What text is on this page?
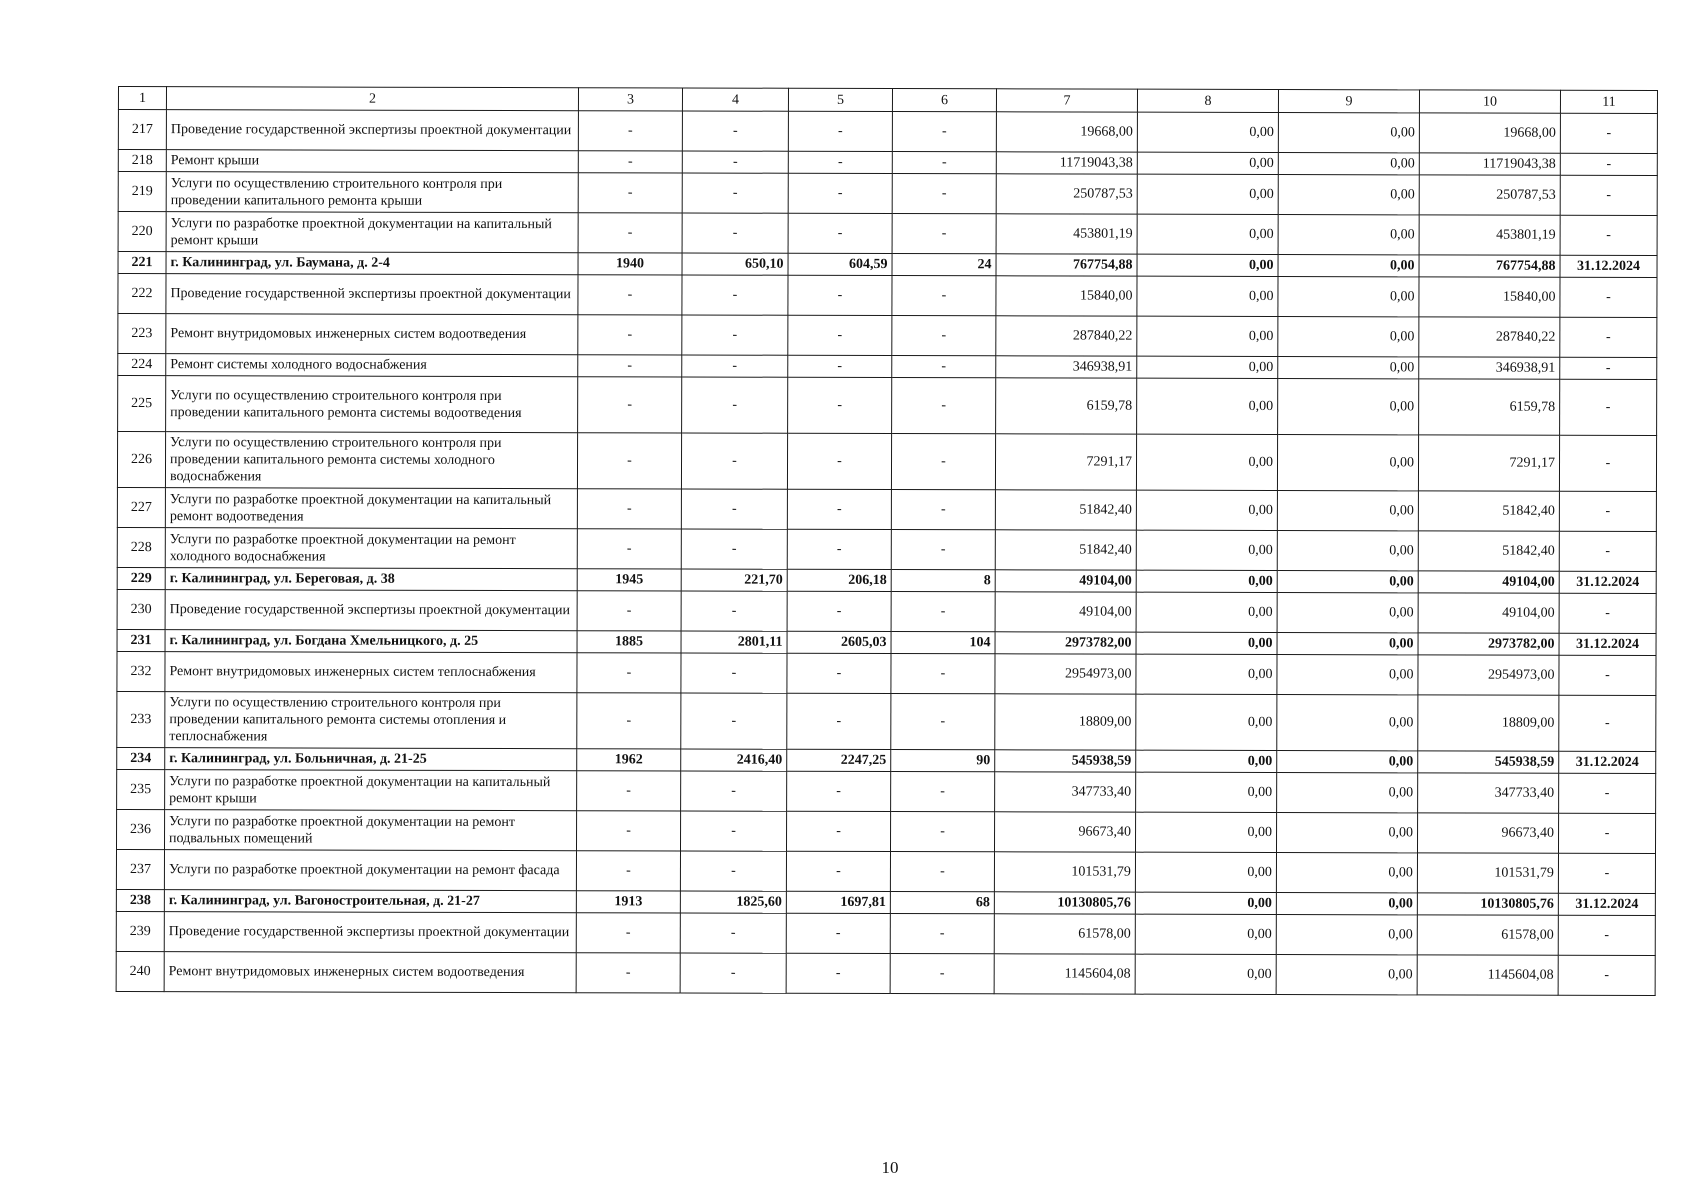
1	2	3	4	5	6	7	8	9	10	11
217	Проведение государственной экспертизы проектной документации	-	-	-	-	19668,00	0,00	0,00	19668,00	-
218	Ремонт крыши	-	-	-	-	11719043,38	0,00	0,00	11719043,38	-
219	Услуги по осуществлению строительного контроля при проведении капитального ремонта крыши	-	-	-	-	250787,53	0,00	0,00	250787,53	-
220	Услуги по разработке проектной документации на капитальный ремонт крыши	-	-	-	-	453801,19	0,00	0,00	453801,19	-
221	г. Калининград, ул. Баумана, д. 2-4	1940	650,10	604,59	24	767754,88	0,00	0,00	767754,88	31.12.2024
222	Проведение государственной экспертизы проектной документации	-	-	-	-	15840,00	0,00	0,00	15840,00	-
223	Ремонт внутридомовых инженерных систем водоотведения	-	-	-	-	287840,22	0,00	0,00	287840,22	-
224	Ремонт системы холодного водоснабжения	-	-	-	-	346938,91	0,00	0,00	346938,91	-
225	Услуги по осуществлению строительного контроля при проведении капитального ремонта системы водоотведения	-	-	-	-	6159,78	0,00	0,00	6159,78	-
226	Услуги по осуществлению строительного контроля при проведении капитального ремонта системы холодного водоснабжения	-	-	-	-	7291,17	0,00	0,00	7291,17	-
227	Услуги по разработке проектной документации на капитальный ремонт водоотведения	-	-	-	-	51842,40	0,00	0,00	51842,40	-
228	Услуги по разработке проектной документации на ремонт холодного водоснабжения	-	-	-	-	51842,40	0,00	0,00	51842,40	-
229	г. Калининград, ул. Береговая, д. 38	1945	221,70	206,18	8	49104,00	0,00	0,00	49104,00	31.12.2024
230	Проведение государственной экспертизы проектной документации	-	-	-	-	49104,00	0,00	0,00	49104,00	-
231	г. Калининград, ул. Богдана Хмельницкого, д. 25	1885	2801,11	2605,03	104	2973782,00	0,00	0,00	2973782,00	31.12.2024
232	Ремонт внутридомовых инженерных систем теплоснабжения	-	-	-	-	2954973,00	0,00	0,00	2954973,00	-
233	Услуги по осуществлению строительного контроля при проведении капитального ремонта системы отопления и теплоснабжения	-	-	-	-	18809,00	0,00	0,00	18809,00	-
234	г. Калининград, ул. Больничная, д. 21-25	1962	2416,40	2247,25	90	545938,59	0,00	0,00	545938,59	31.12.2024
235	Услуги по разработке проектной документации на капитальный ремонт крыши	-	-	-	-	347733,40	0,00	0,00	347733,40	-
236	Услуги по разработке проектной документации на ремонт подвальных помещений	-	-	-	-	96673,40	0,00	0,00	96673,40	-
237	Услуги по разработке проектной документации на ремонт фасада	-	-	-	-	101531,79	0,00	0,00	101531,79	-
238	г. Калининград, ул. Вагоностроительная, д. 21-27	1913	1825,60	1697,81	68	10130805,76	0,00	0,00	10130805,76	31.12.2024
239	Проведение государственной экспертизы проектной документации	-	-	-	-	61578,00	0,00	0,00	61578,00	-
240	Ремонт внутридомовых инженерных систем водоотведения	-	-	-	-	1145604,08	0,00	0,00	1145604,08	-
10
